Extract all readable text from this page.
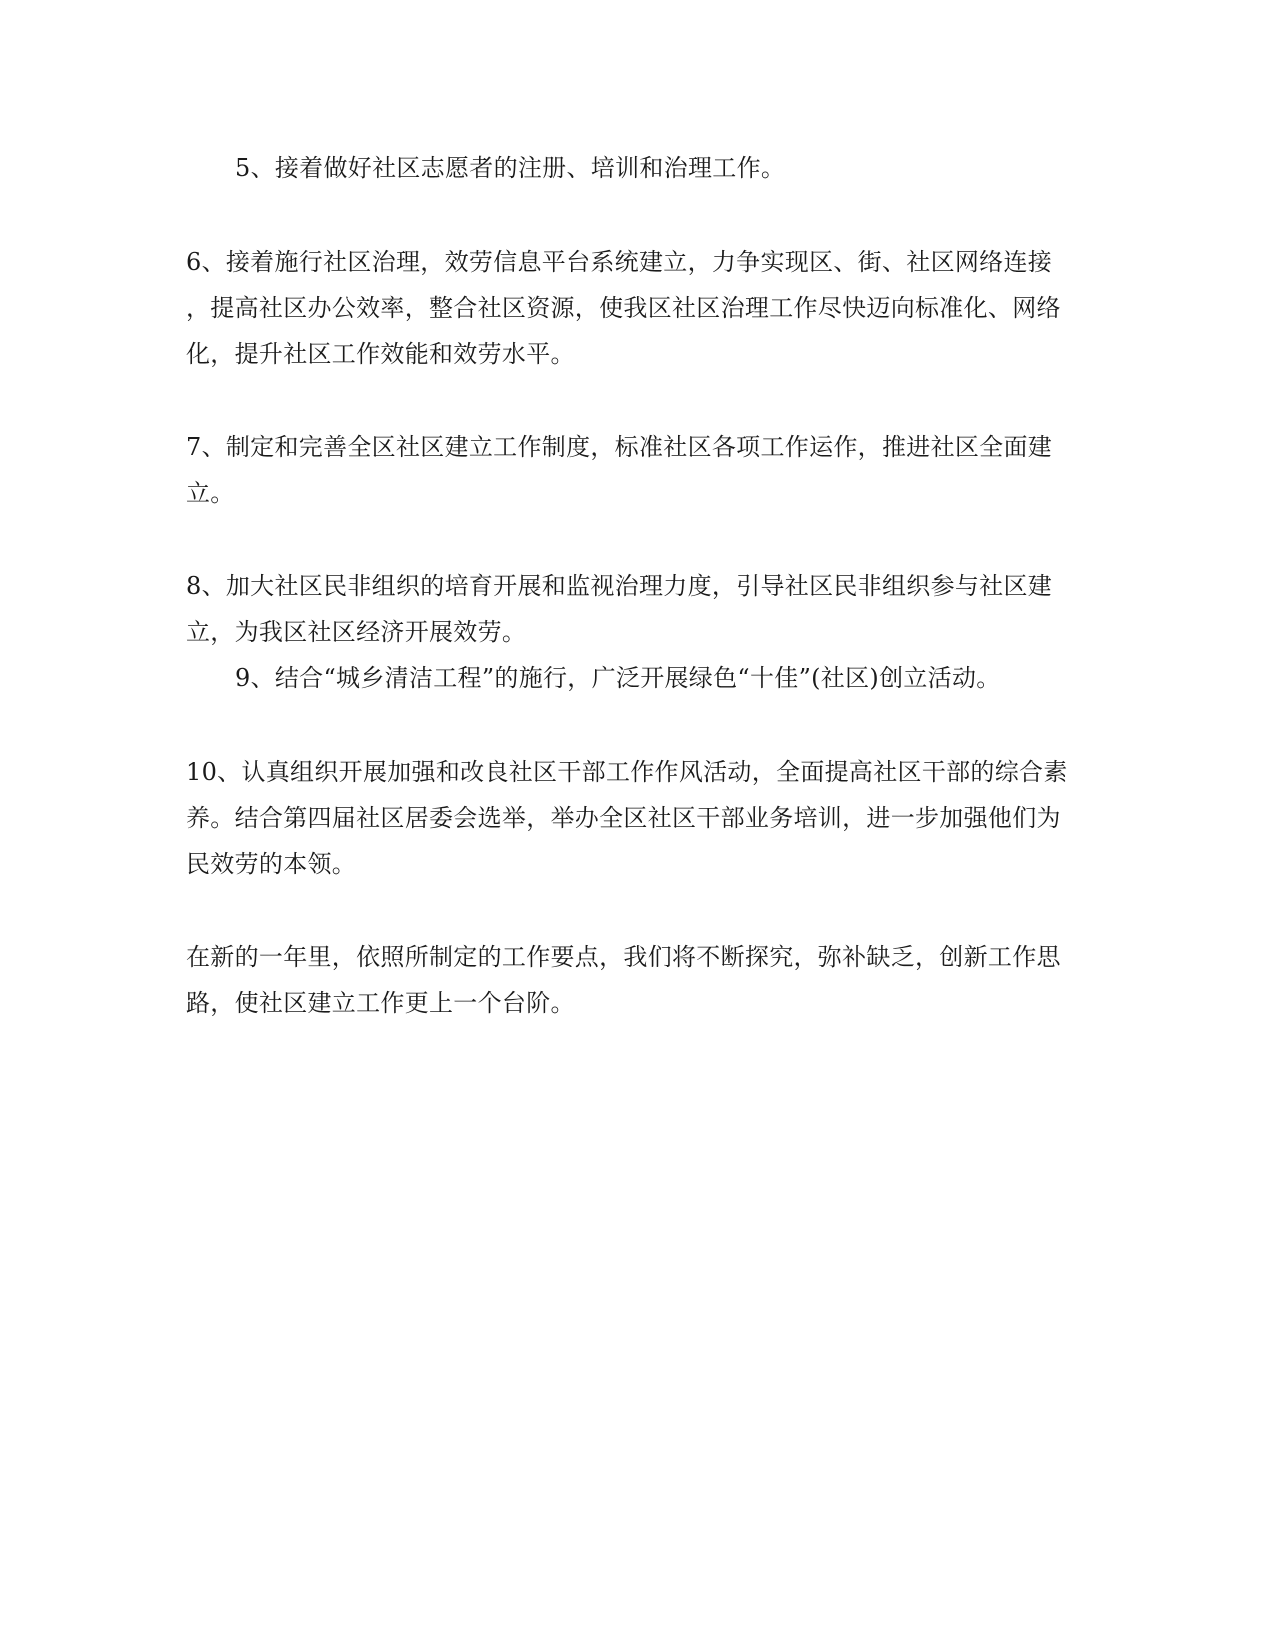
5、接着做好社区志愿者的注册、培训和治理工作。
6、接着施行社区治理，效劳信息平台系统建立，力争实现区、街、社区网络连接
，提高社区办公效率，整合社区资源，使我区社区治理工作尽快迈向标准化、网络
化，提升社区工作效能和效劳水平。
7、制定和完善全区社区建立工作制度，标准社区各项工作运作，推进社区全面建
立。
8、加大社区民非组织的培育开展和监视治理力度，引导社区民非组织参与社区建
立，为我区社区经济开展效劳。
9、结合“城乡清洁工程”的施行，广泛开展绿色“十佳”(社区)创立活动。
10、认真组织开展加强和改良社区干部工作作风活动，全面提高社区干部的综合素
养。结合第四届社区居委会选举，举办全区社区干部业务培训，进一步加强他们为
民效劳的本领。
在新的一年里，依照所制定的工作要点，我们将不断探究，弥补缺乏，创新工作思
路，使社区建立工作更上一个台阶。
